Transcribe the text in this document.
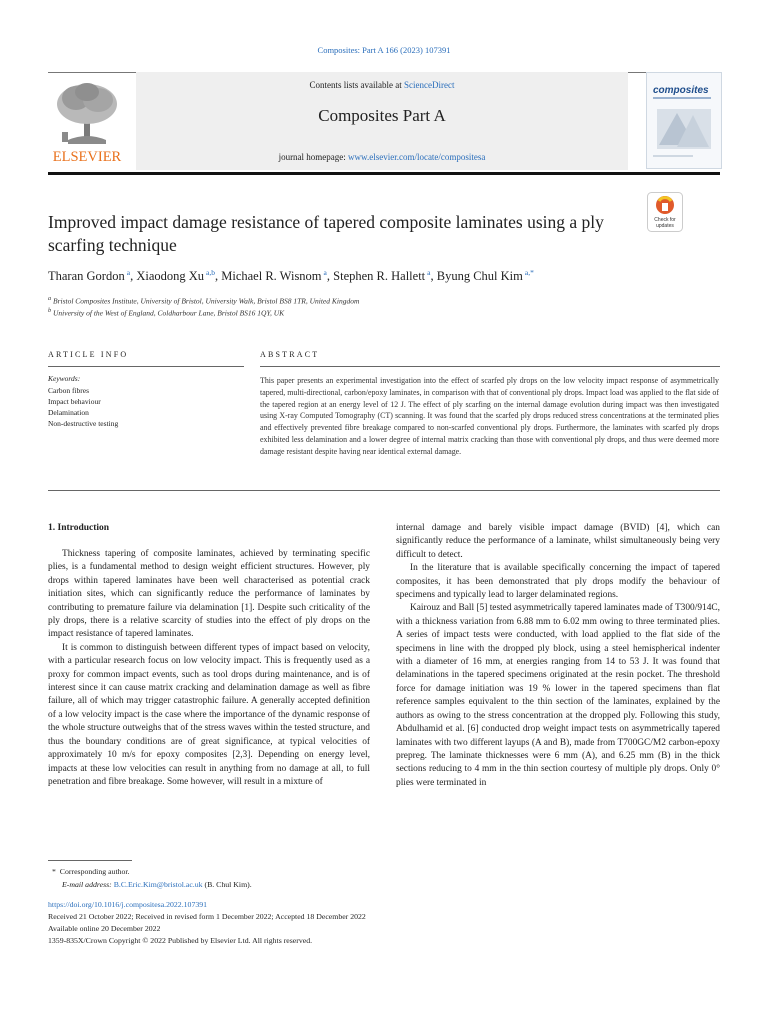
Composites: Part A 166 (2023) 107391
ELSEVIER
Contents lists available at ScienceDirect
Composites Part A
journal homepage: www.elsevier.com/locate/compositesa
composites
Improved impact damage resistance of tapered composite laminates using a ply scarfing technique
Check for
updates
Tharan Gordon $^a$, Xiaodong Xu $^{a,b}$, Michael R. Wisnom $^a$, Stephen R. Hallett $^a$, Byung Chul Kim $^{a,*}$
$^a$ Bristol Composites Institute, University of Bristol, University Walk, Bristol BS8 1TR, United Kingdom
$^b$ University of the West of England, Coldharbour Lane, Bristol BS16 1QY, UK
ARTICLE INFO
Keywords:
Carbon fibres
Impact behaviour
Delamination
Non-destructive testing
ABSTRACT
This paper presents an experimental investigation into the effect of scarfed ply drops on the low velocity impact response of asymmetrically tapered, multi-directional, carbon/epoxy laminates, in comparison with that of conventional ply drops. Impact load was applied to the flat side of the tapered region at an energy level of 12 J. The effect of ply scarfing on the internal damage evolution during impact was then investigated using X-ray Computed Tomography (CT) scanning. It was found that the scarfed ply drops reduced stress concentrations at the terminated plies and effectively prevented fibre breakage compared to non-scarfed conventional ply drops. Furthermore, the laminates with scarfed ply drops exhibited less delamination and a lower degree of internal matrix cracking than those with conventional ply drops, and thus were deemed more damage resistant despite having near identical external damage.
1. Introduction

Thickness tapering of composite laminates, achieved by terminating specific plies, is a fundamental method to design weight efficient structures. However, ply drops within tapered laminates have been well characterised as potential crack initiation sites, which can significantly reduce the performance of laminates by contributing to premature failure via delamination [1]. Despite such criticality of the ply drops, there is a relative scarcity of studies into the effect of ply drops on the impact resistance of tapered laminates.

It is common to distinguish between different types of impact based on velocity, with a particular research focus on low velocity impact. This is frequently used as a proxy for common impact events, such as tool drops during maintenance, and is of interest since it can cause matrix cracking and delamination damage as well as fibre failure, all of which may trigger catastrophic failure. A generally accepted definition of a low velocity impact is the case where the importance of the dynamic response of the whole structure outweighs that of the stress waves within the tested structure, and thus the boundary conditions are of great significance, at typical velocities of approximately 10 m/s for epoxy composites [2,3]. Depending on energy level, impacts at these low velocities can result in anything from no damage at all, to full penetration and fibre breakage. Some however, will result in a mixture of

internal damage and barely visible impact damage (BVID) [4], which can significantly reduce the performance of a laminate, whilst simultaneously being very difficult to detect.

In the literature that is available specifically concerning the impact of tapered composites, it has been demonstrated that ply drops modify the behaviour of specimens and typically lead to larger delaminated regions.

Kairouz and Ball [5] tested asymmetrically tapered laminates made of T300/914C, with a thickness variation from 6.88 mm to 6.02 mm owing to three terminated plies. A series of impact tests were conducted, with load applied to the flat side of the specimens in line with the dropped ply block, using a steel hemispherical indenter with a diameter of 16 mm, at energies ranging from 14 to 53 J. It was found that delaminations in the tapered specimens originated at the resin pocket. The threshold force for damage initiation was 19 % lower in the tapered specimens than flat reference samples equivalent to the thin section of the laminates, explained by the authors as owing to the stress concentration at the dropped ply. Following this study, Abdulhamid et al. [6] conducted drop weight impact tests on asymmetrically tapered laminates with two different layups (A and B), made from T700GC/M2 carbon-epoxy prepreg. The laminate thicknesses were 6 mm (A), and 6.25 mm (B) in the thick sections reducing to 4 mm in the thin section courtesy of multiple ply drops. Only 0° plies were terminated in

*  Corresponding author.
E-mail address: B.C.Eric.Kim@bristol.ac.uk (B. Chul Kim).
https://doi.org/10.1016/j.compositesa.2022.107391
Received 21 October 2022; Received in revised form 1 December 2022; Accepted 18 December 2022
Available online 20 December 2022
1359-835X/Crown Copyright © 2022 Published by Elsevier Ltd. All rights reserved.
